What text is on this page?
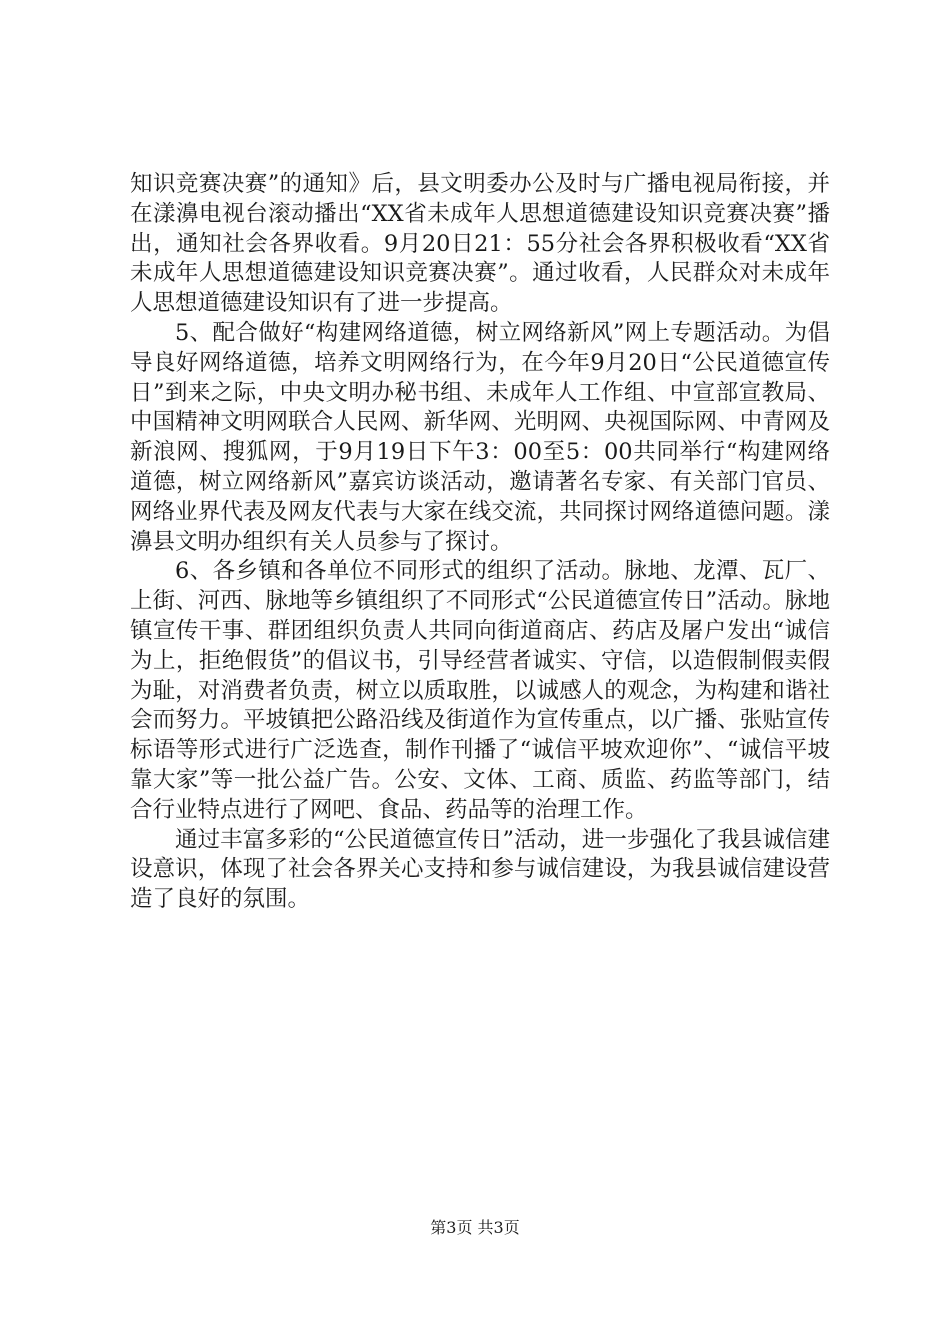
知识竞赛决赛”的通知》后，县文明委办公及时与广播电视局衔接，并在漾濞电视台滚动播出“XX省未成年人思想道德建设知识竞赛决赛”播出，通知社会各界收看。9月20日21：55分社会各界积极收看“XX省未成年人思想道德建设知识竞赛决赛”。通过收看，人民群众对未成年人思想道德建设知识有了进一步提高。

5、配合做好“构建网络道德，树立网络新风”网上专题活动。为倡导良好网络道德，培养文明网络行为，在今年9月20日“公民道德宣传日”到来之际，中央文明办秘书组、未成年人工作组、中宣部宣教局、中国精神文明网联合人民网、新华网、光明网、央视国际网、中青网及新浪网、搜狐网，于9月19日下午3：00至5：00共同举行“构建网络道德，树立网络新风”嘉宾访谈活动，邀请著名专家、有关部门官员、网络业界代表及网友代表与大家在线交流，共同探讨网络道德问题。漾濞县文明办组织有关人员参与了探讨。

6、各乡镇和各单位不同形式的组织了活动。脉地、龙潭、瓦厂、上街、河西、脉地等乡镇组织了不同形式“公民道德宣传日”活动。脉地镇宣传干事、群团组织负责人共同向街道商店、药店及屠户发出“诚信为上，拒绝假货”的倡议书，引导经营者诚实、守信，以造假制假卖假为耻，对消费者负责，树立以质取胜，以诚感人的观念，为构建和谐社会而努力。平坡镇把公路沿线及街道作为宣传重点，以广播、张贴宣传标语等形式进行广泛选查，制作刊播了“诚信平坡欢迎你”、“诚信平坡靠大家”等一批公益广告。公安、文体、工商、质监、药监等部门，结合行业特点进行了网吧、食品、药品等的治理工作。

通过丰富多彩的“公民道德宣传日”活动，进一步强化了我县诚信建设意识，体现了社会各界关心支持和参与诚信建设，为我县诚信建设营造了良好的氛围。

第3页 共3页
